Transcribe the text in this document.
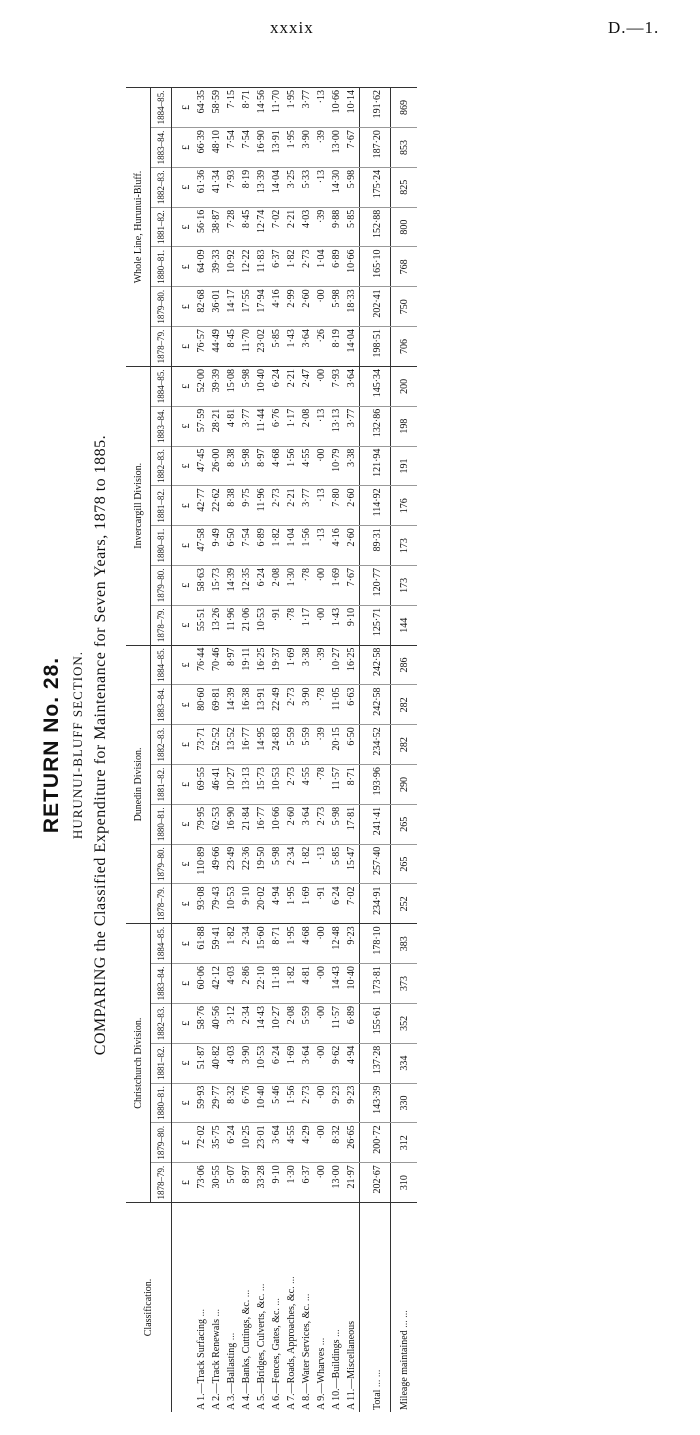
xxxix	D.—1.
RETURN No. 28. HURUNUI-BLUFF SECTION. COMPARING the Classified Expenditure for Maintenance for Seven Years, 1878 to 1885.
Classification.	Christchurch Division.							Dunedin Division.							Invercargill Division.							Whole Line, Hurunui-Bluff.						
	1878–79.	1879–80.	1880–81.	1881–82.	1882–83.	1883–84.	1884–85.	1878–79.	1879–80.	1880–81.	1881–82.	1882–83.	1883–84.	1884–85.	1878–79.	1879–80.	1880–81.	1881–82.	1882–83.	1883–84.	1884–85.	1878–79.	1879–80.	1880–81.	1881–82.	1882–83.	1883–84.	1884–85.
	£	£	£	£	£	£	£	£	£	£	£	£	£	£	£	£	£	£	£	£	£	£	£	£	£	£	£	£
A 1.—Track Surfacing ...	73·06	72·02	59·93	51·87	58·76	60·06	61·88	93·08	110·89	79·95	69·55	73·71	80·60	76·44	55·51	58·63	47·58	42·77	47·45	57·59	52·00	76·57	82·68	64·09	56·16	61·36	66·39	64·35
A 2.—Track Renewals ...	30·55	35·75	29·77	40·82	40·56	42·12	59·41	79·43	49·66	62·53	46·41	52·52	69·81	70·46	13·26	15·73	9·49	22·62	26·00	28·21	39·39	44·49	36·01	39·33	38·87	41·34	48·10	58·59
A 3.—Ballasting ...	5·07	6·24	8·32	4·03	3·12	4·03	1·82	10·53	23·49	16·90	10·27	13·52	14·39	8·97	11·96	14·39	6·50	8·38	8·38	4·81	15·08	8·45	14·17	10·92	7·28	7·93	7·54	7·15
A 4.—Banks, Cuttings, &c. ...	8·97	10·25	6·76	3·90	2·34	2·86	2·34	9·10	22·36	21·84	13·13	16·77	16·38	19·11	21·06	12·35	7·54	9·75	5·98	3·77	5·98	11·70	17·55	12·22	8·45	8·19	7·54	8·71
A 5.—Bridges, Culverts, &c. ...	33·28	23·01	10·40	10·53	14·43	22·10	15·60	20·02	19·50	16·77	15·73	14·95	13·91	16·25	10·53	6·24	6·89	11·96	8·97	11·44	10·40	23·02	17·94	11·83	12·74	13·39	16·90	14·56
A 6.—Fences, Gates, &c. ...	9·10	3·64	5·46	6·24	10·27	11·18	8·71	4·94	5·98	10·66	10·53	24·83	22·49	19·37	·91	2·08	1·82	2·73	4·68	6·76	6·24	5·85	4·16	6·37	7·02	14·04	13·91	11·70
A 7.—Roads, Approaches, &c. ...	1·30	4·55	1·56	1·69	2·08	1·82	1·95	1·95	2·34	2·60	2·73	5·59	2·73	1·69	·78	1·30	1·04	2·21	1·56	1·17	2·21	1·43	2·99	1·82	2·21	3·25	1·95	1·95
A 8.—Water Services, &c. ...	6·37	4·29	2·73	3·64	5·59	4·81	4·68	1·69	1·82	3·64	4·55	5·59	3·90	3·38	1·17	·78	1·56	3·77	4·55	2·08	2·47	3·64	2·60	2·73	4·03	5·33	3·90	3·77
A 9.—Wharves ...	·00	·00	·00	·00	·00	·00	·00	·91	·13	2·73	·78	·39	·78	·39	·00	·00	·13	·13	·00	·13	·00	·26	·00	1·04	·39	·13	·39	·13
A 10.—Buildings ...	13·00	8·32	9·23	9·62	11·57	14·43	12·48	6·24	5·85	5·98	11·57	20·15	11·05	10·27	1·43	1·69	4·16	7·80	10·79	13·13	7·93	8·19	5·98	6·89	9·88	14·30	13·00	10·66
A 11.—Miscellaneous	21·97	26·65	9·23	4·94	6·89	10·40	9·23	7·02	15·47	17·81	8·71	6·50	6·63	16·25	9·10	7·67	2·60	2·60	3·38	3·77	3·64	14·04	18·33	10·66	5·85	5·98	7·67	10·14
Total ... ...	202·67	200·72	143·39	137·28	155·61	173·81	178·10	234·91	257·40	241·41	193·96	234·52	242·58	242·58	125·71	120·77	89·31	114·92	121·94	132·86	145·34	198·51	202·41	165·10	152·88	175·24	187·20	191·62
Mileage maintained ... ...	310	312	330	334	352	373	383	252	265	265	290	282	282	286	144	173	173	176	191	198	200	706	750	768	800	825	853	869
